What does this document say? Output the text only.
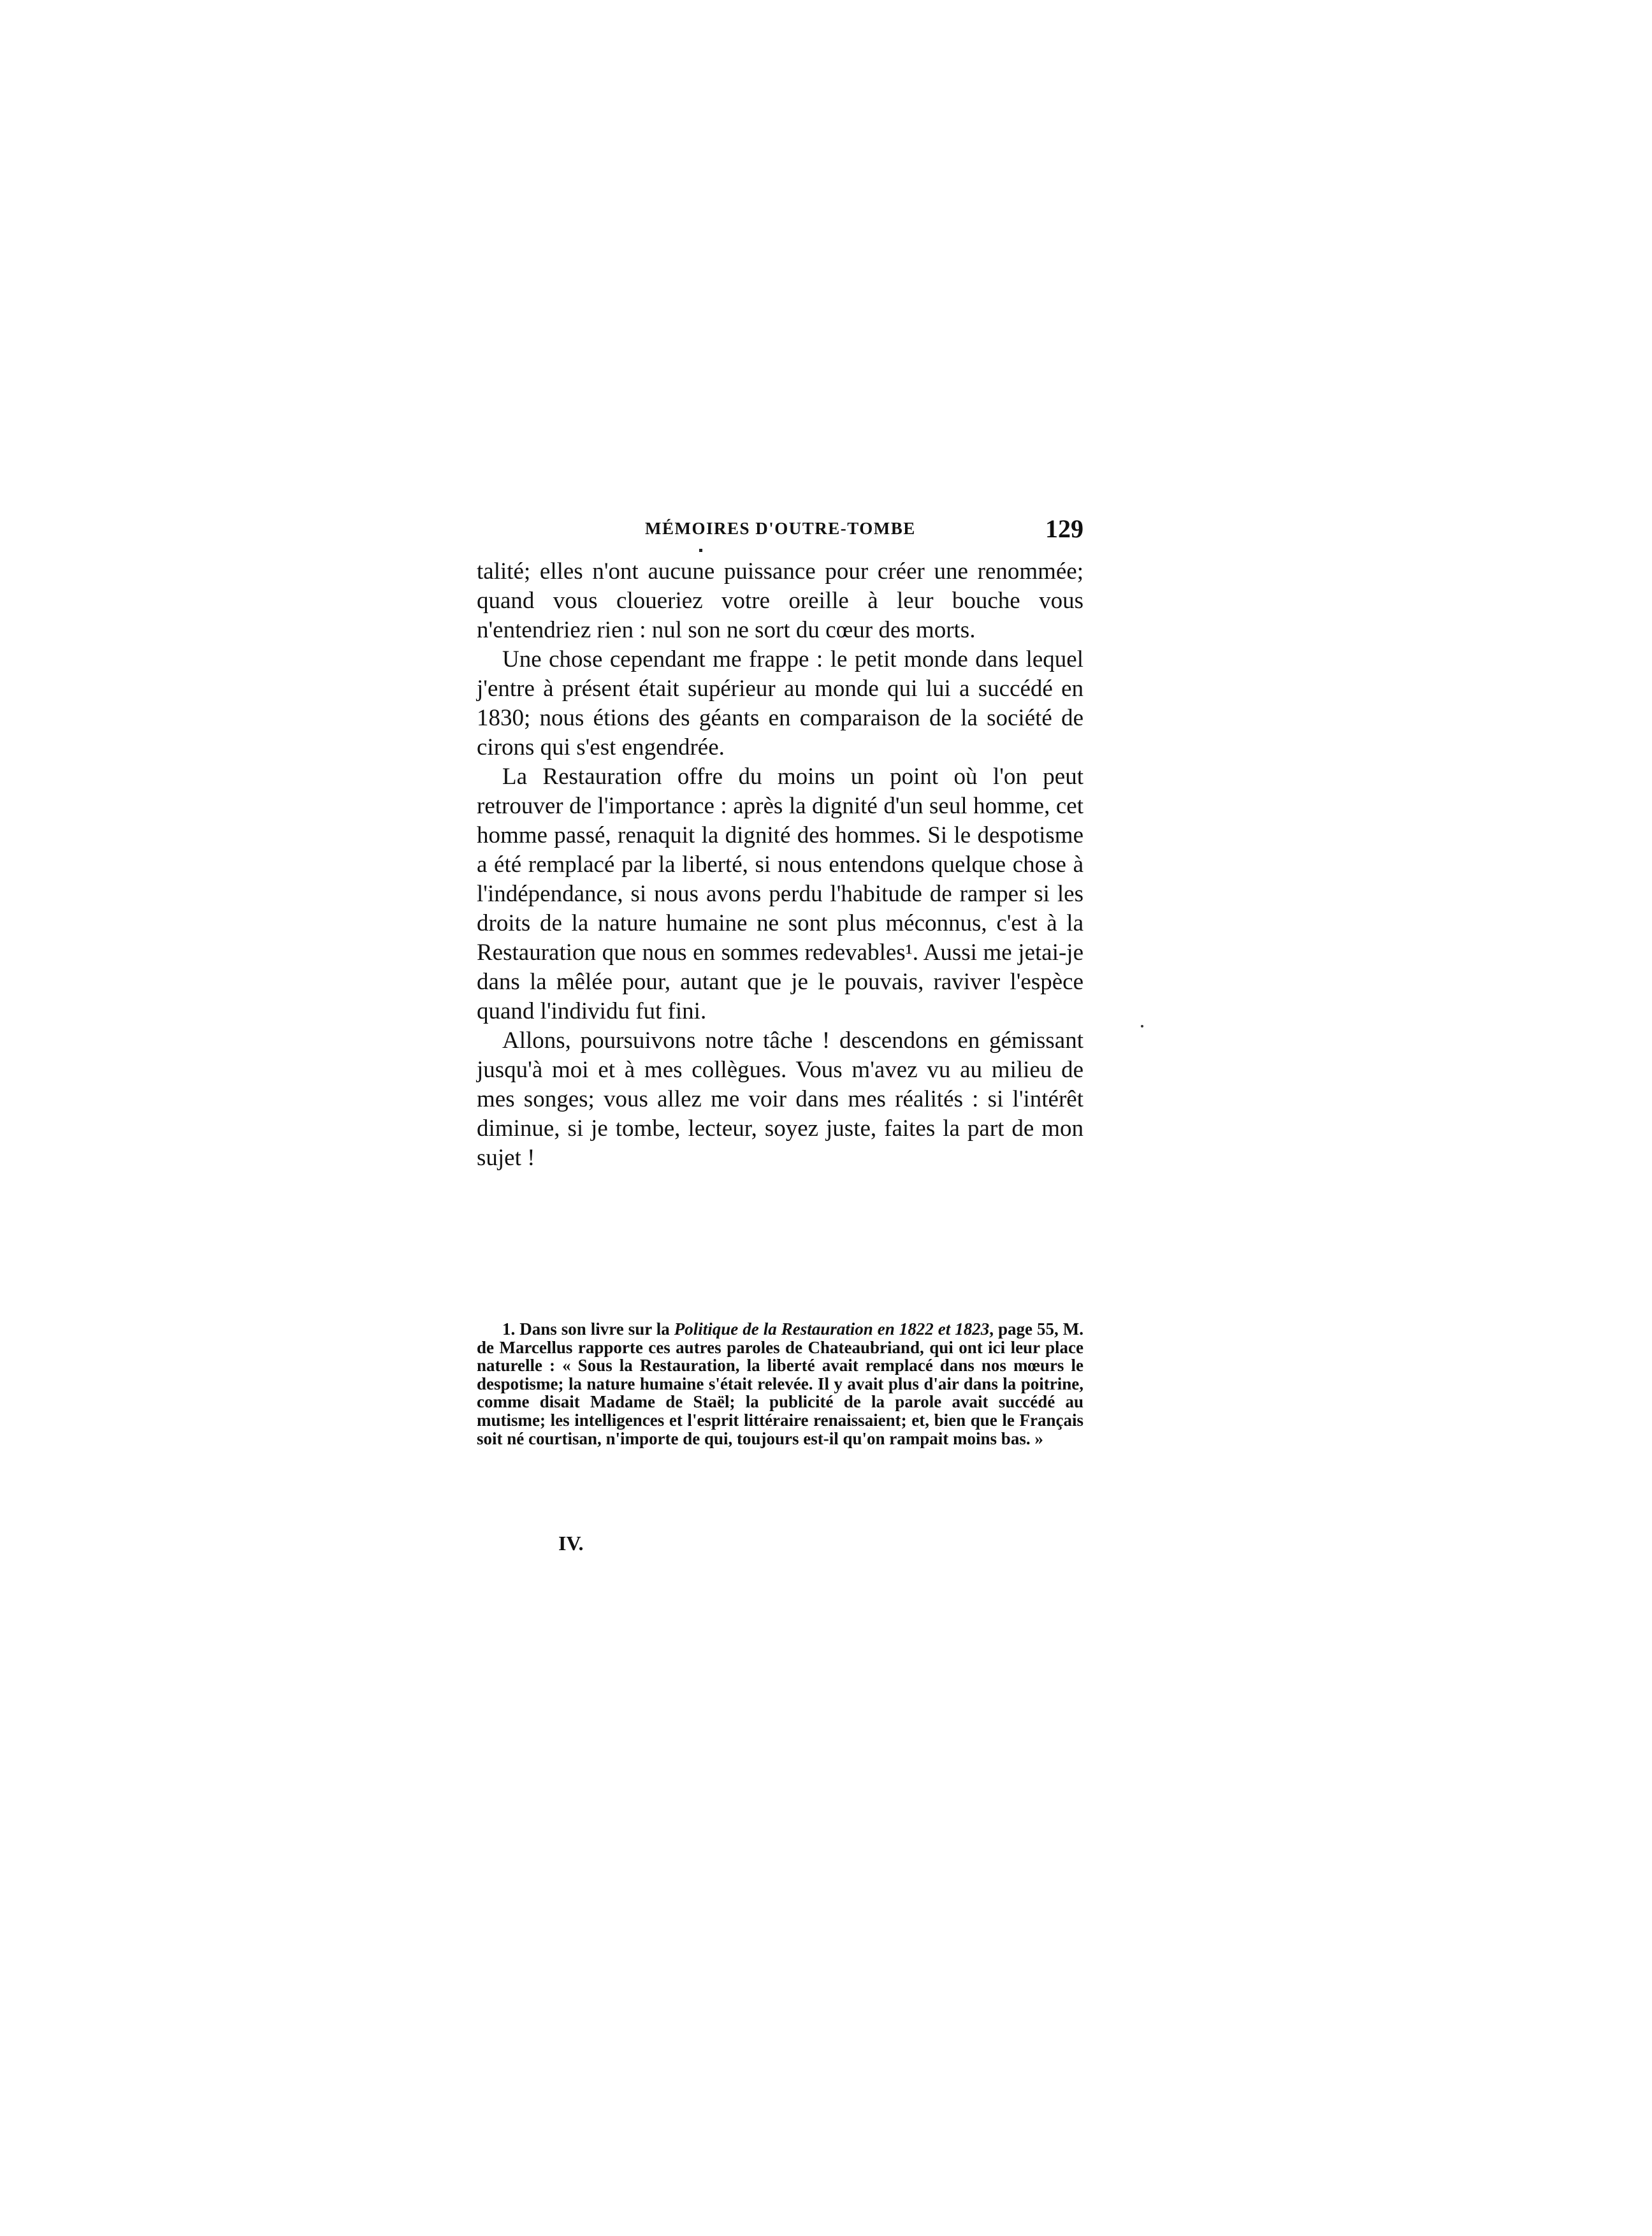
MÉMOIRES D'OUTRE-TOMBE	129

talité; elles n'ont aucune puissance pour créer une renommée; quand vous cloueriez votre oreille à leur bouche vous n'entendriez rien : nul son ne sort du cœur des morts.

Une chose cependant me frappe : le petit monde dans lequel j'entre à présent était supérieur au monde qui lui a succédé en 1830; nous étions des géants en comparaison de la société de cirons qui s'est engendrée.

La Restauration offre du moins un point où l'on peut retrouver de l'importance : après la dignité d'un seul homme, cet homme passé, renaquit la dignité des hommes. Si le despotisme a été remplacé par la liberté, si nous entendons quelque chose à l'indépendance, si nous avons perdu l'habitude de ramper si les droits de la nature humaine ne sont plus méconnus, c'est à la Restauration que nous en sommes redevables¹. Aussi me jetai-je dans la mêlée pour, autant que je le pouvais, raviver l'espèce quand l'individu fut fini.

Allons, poursuivons notre tâche ! descendons en gémissant jusqu'à moi et à mes collègues. Vous m'avez vu au milieu de mes songes; vous allez me voir dans mes réalités : si l'intérêt diminue, si je tombe, lecteur, soyez juste, faites la part de mon sujet !

1. Dans son livre sur la Politique de la Restauration en 1822 et 1823, page 55, M. de Marcellus rapporte ces autres paroles de Chateaubriand, qui ont ici leur place naturelle : « Sous la Restauration, la liberté avait remplacé dans nos mœurs le despotisme; la nature humaine s'était relevée. Il y avait plus d'air dans la poitrine, comme disait Madame de Staël; la publicité de la parole avait succédé au mutisme; les intelligences et l'esprit littéraire renaissaient; et, bien que le Français soit né courtisan, n'importe de qui, toujours est-il qu'on rampait moins bas. »

IV.
